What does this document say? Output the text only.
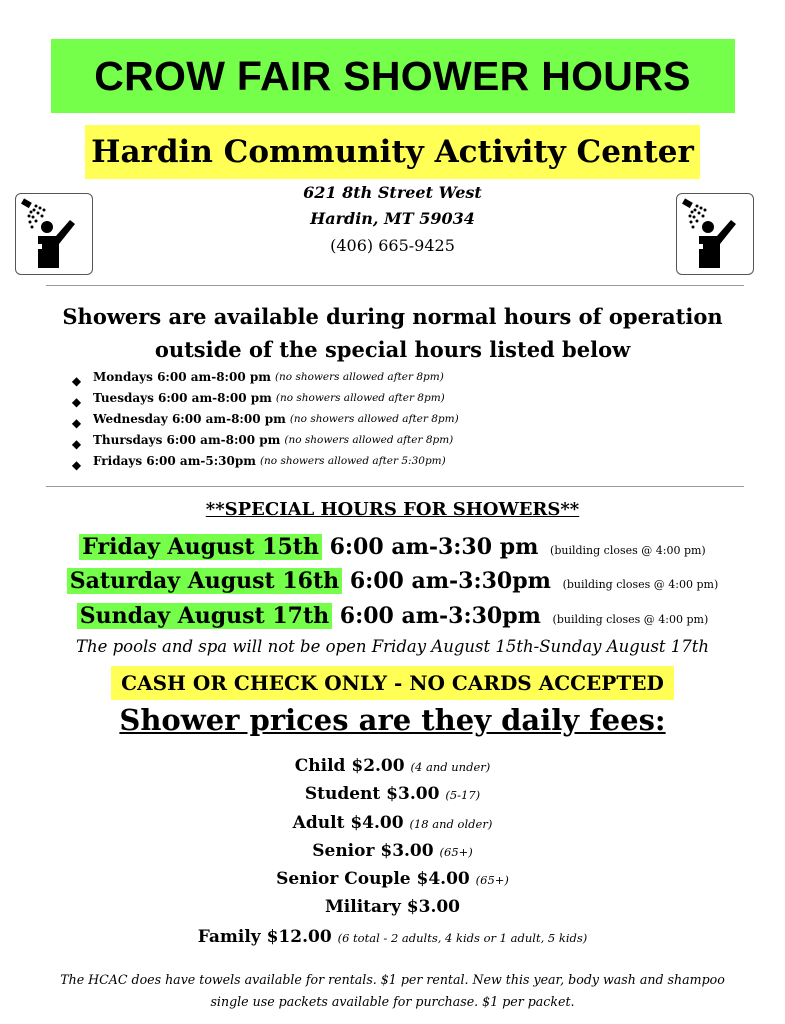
CROW FAIR SHOWER HOURS
Hardin Community Activity Center
621 8th Street West
Hardin, MT 59034
(406) 665-9425
Showers are available during normal hours of operation
outside of the special hours listed below
◆ Mondays 6:00 am-8:00 pm (no showers allowed after 8pm)
◆ Tuesdays 6:00 am-8:00 pm (no showers allowed after 8pm)
◆ Wednesday 6:00 am-8:00 pm (no showers allowed after 8pm)
◆ Thursdays 6:00 am-8:00 pm (no showers allowed after 8pm)
◆ Fridays 6:00 am-5:30pm (no showers allowed after 5:30pm)
**SPECIAL HOURS FOR SHOWERS**
Friday August 15th 6:00 am-3:30 pm (building closes @ 4:00 pm)
Saturday August 16th 6:00 am-3:30pm (building closes @ 4:00 pm)
Sunday August 17th 6:00 am-3:30pm (building closes @ 4:00 pm)
The pools and spa will not be open Friday August 15th-Sunday August 17th
CASH OR CHECK ONLY - NO CARDS ACCEPTED
Shower prices are they daily fees:
Child $2.00 (4 and under)
Student $3.00 (5-17)
Adult $4.00 (18 and older)
Senior $3.00 (65+)
Senior Couple $4.00 (65+)
Military $3.00
Family $12.00 (6 total - 2 adults, 4 kids or 1 adult, 5 kids)
The HCAC does have towels available for rentals. $1 per rental. New this year, body wash and shampoo
single use packets available for purchase. $1 per packet.
